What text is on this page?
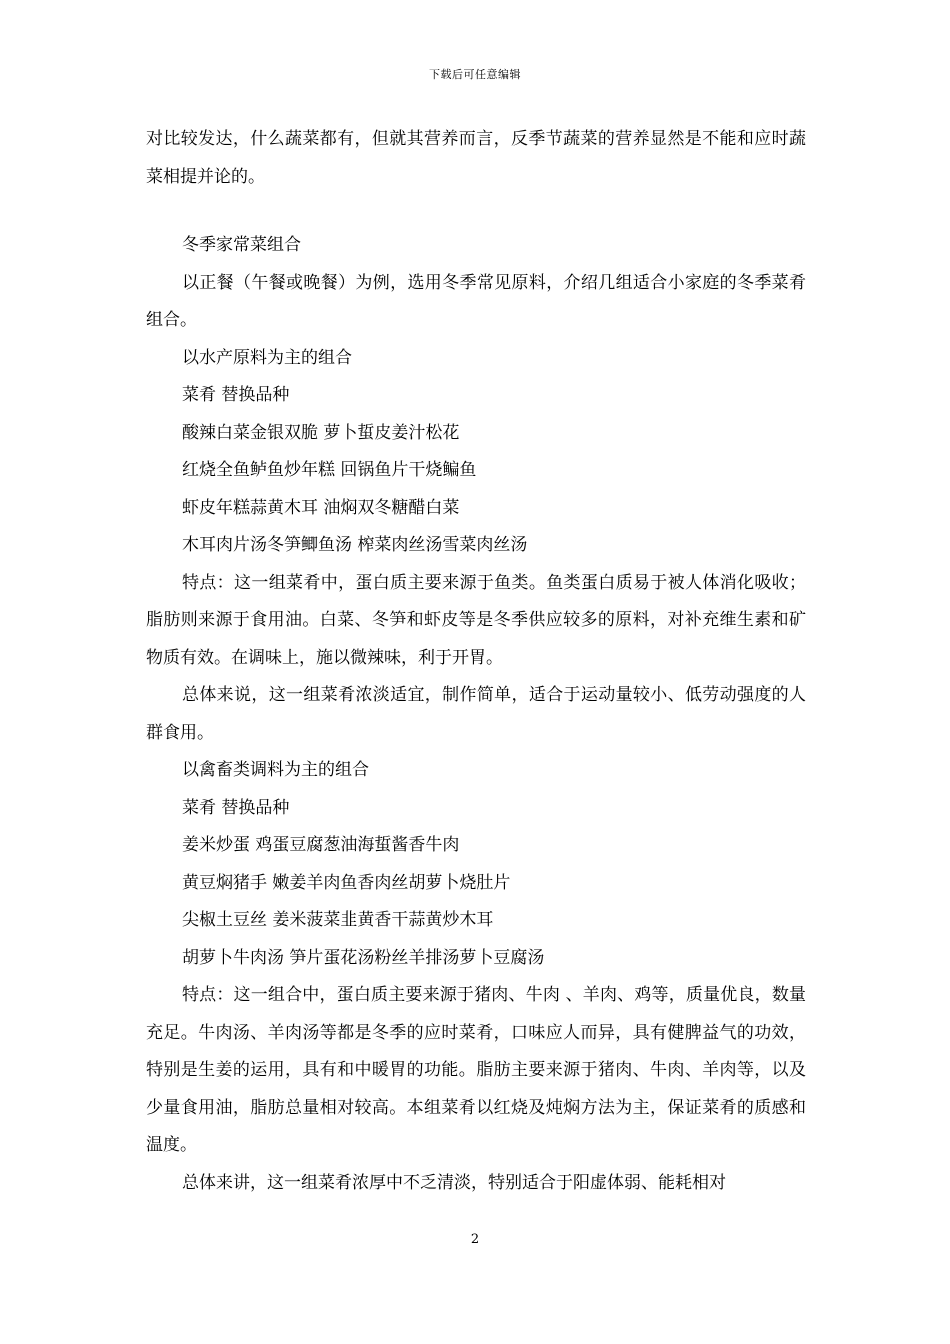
下载后可任意编辑

对比较发达，什么蔬菜都有，但就其营养而言，反季节蔬菜的营养显然是不能和应时蔬菜相提并论的。

冬季家常菜组合

以正餐（午餐或晚餐）为例，选用冬季常见原料，介绍几组适合小家庭的冬季菜肴组合。

以水产原料为主的组合

菜肴 替换品种

酸辣白菜金银双脆 萝卜蜇皮姜汁松花

红烧全鱼鲈鱼炒年糕 回锅鱼片干烧鳊鱼

虾皮年糕蒜黄木耳 油焖双冬糖醋白菜

木耳肉片汤冬笋鲫鱼汤 榨菜肉丝汤雪菜肉丝汤

特点：这一组菜肴中，蛋白质主要来源于鱼类。鱼类蛋白质易于被人体消化吸收；脂肪则来源于食用油。白菜、冬笋和虾皮等是冬季供应较多的原料，对补充维生素和矿物质有效。在调味上，施以微辣味，利于开胃。

总体来说，这一组菜肴浓淡适宜，制作简单，适合于运动量较小、低劳动强度的人群食用。

以禽畜类调料为主的组合

菜肴 替换品种

姜米炒蛋 鸡蛋豆腐葱油海蜇酱香牛肉

黄豆焖猪手 嫩姜羊肉鱼香肉丝胡萝卜烧肚片

尖椒土豆丝 姜米菠菜韭黄香干蒜黄炒木耳

胡萝卜牛肉汤 笋片蛋花汤粉丝羊排汤萝卜豆腐汤

特点：这一组合中，蛋白质主要来源于猪肉、牛肉 、羊肉、鸡等，质量优良，数量充足。牛肉汤、羊肉汤等都是冬季的应时菜肴，口味应人而异，具有健脾益气的功效，特别是生姜的运用，具有和中暖胃的功能。脂肪主要来源于猪肉、牛肉、羊肉等，以及少量食用油，脂肪总量相对较高。本组菜肴以红烧及炖焖方法为主，保证菜肴的质感和温度。

总体来讲，这一组菜肴浓厚中不乏清淡，特别适合于阳虚体弱、能耗相对

2
